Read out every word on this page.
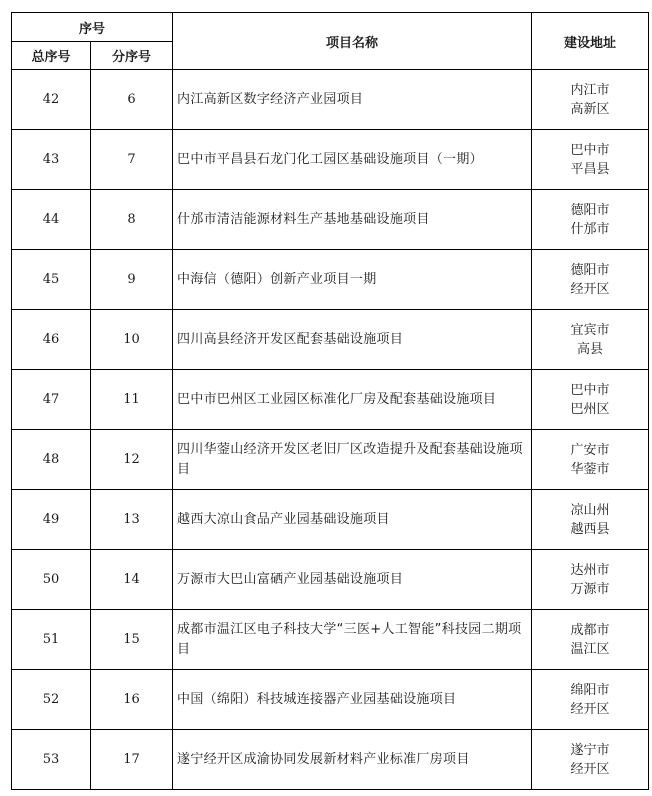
序号		项目名称	建设地址
总序号	分序号		
42	6	内江高新区数字经济产业园项目	内江市
高新区

43	7	巴中市平昌县石龙门化工园区基础设施项目（一期）	巴中市
平昌县

44	8	什邡市清洁能源材料生产基地基础设施项目	德阳市
什邡市

45	9	中海信（德阳）创新产业项目一期	德阳市
经开区

46	10	四川高县经济开发区配套基础设施项目	宜宾市
高县

47	11	巴中市巴州区工业园区标准化厂房及配套基础设施项目	巴中市
巴州区

48	12	四川华蓥山经济开发区老旧厂区改造提升及配套基础设施项目	广安市
华蓥市

49	13	越西大凉山食品产业园基础设施项目	凉山州
越西县

50	14	万源市大巴山富硒产业园基础设施项目	达州市
万源市

51	15	成都市温江区电子科技大学“三医+人工智能”科技园二期项目	成都市
温江区

52	16	中国（绵阳）科技城连接器产业园基础设施项目	绵阳市
经开区

53	17	遂宁经开区成渝协同发展新材料产业标准厂房项目	遂宁市
经开区
